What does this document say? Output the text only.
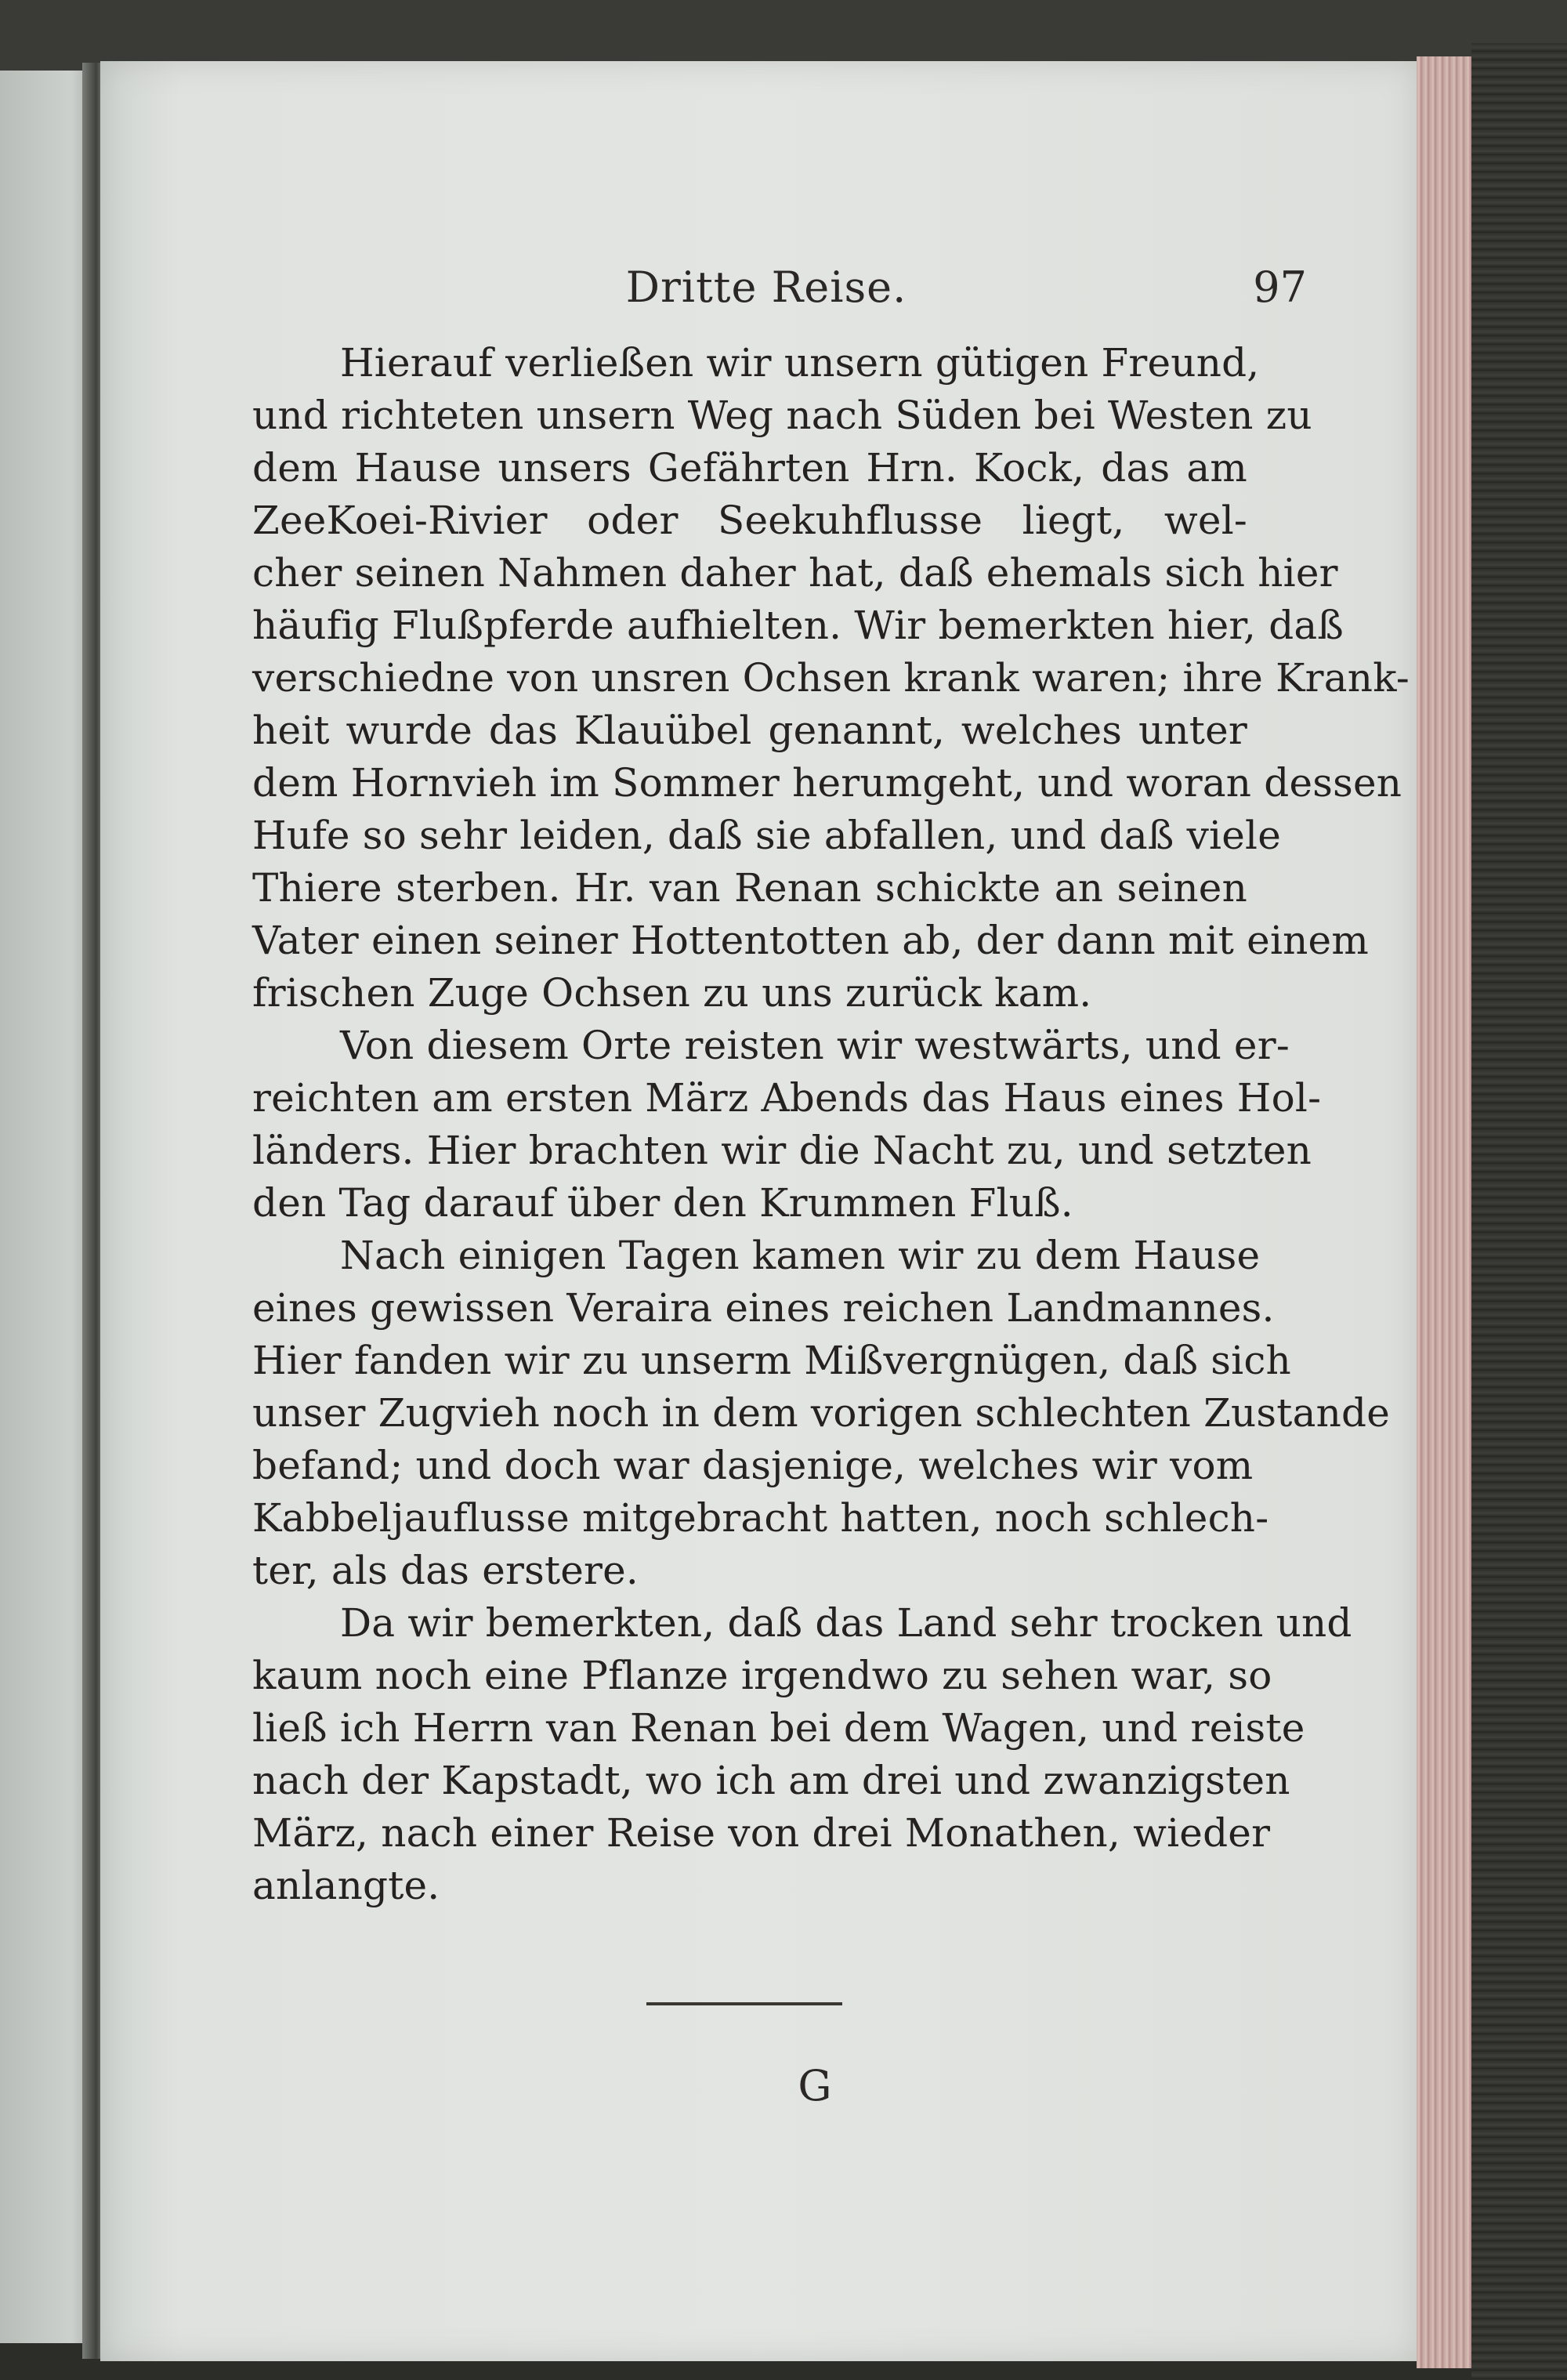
Dritte Reise.	97
Hierauf verließen wir unsern gütigen Freund,
und richteten unsern Weg nach Süden bei Westen zu
dem Hause unsers Gefährten Hrn. Kock, das am
ZeeKoei-Rivier oder Seekuhflusse liegt, wel-
cher seinen Nahmen daher hat, daß ehemals sich hier
häufig Flußpferde aufhielten. Wir bemerkten hier, daß
verschiedne von unsren Ochsen krank waren; ihre Krank-
heit wurde das Klauübel genannt, welches unter
dem Hornvieh im Sommer herumgeht, und woran dessen
Hufe so sehr leiden, daß sie abfallen, und daß viele
Thiere sterben. Hr. van Renan schickte an seinen
Vater einen seiner Hottentotten ab, der dann mit einem
frischen Zuge Ochsen zu uns zurück kam.
Von diesem Orte reisten wir westwärts, und er-
reichten am ersten März Abends das Haus eines Hol-
länders. Hier brachten wir die Nacht zu, und setzten
den Tag darauf über den Krummen Fluß.
Nach einigen Tagen kamen wir zu dem Hause
eines gewissen Veraira eines reichen Landmannes.
Hier fanden wir zu unserm Mißvergnügen, daß sich
unser Zugvieh noch in dem vorigen schlechten Zustande
befand; und doch war dasjenige, welches wir vom
Kabbeljauflusse mitgebracht hatten, noch schlech-
ter, als das erstere.
Da wir bemerkten, daß das Land sehr trocken und
kaum noch eine Pflanze irgendwo zu sehen war, so
ließ ich Herrn van Renan bei dem Wagen, und reiste
nach der Kapstadt, wo ich am drei und zwanzigsten
März, nach einer Reise von drei Monathen, wieder
anlangte.
G
